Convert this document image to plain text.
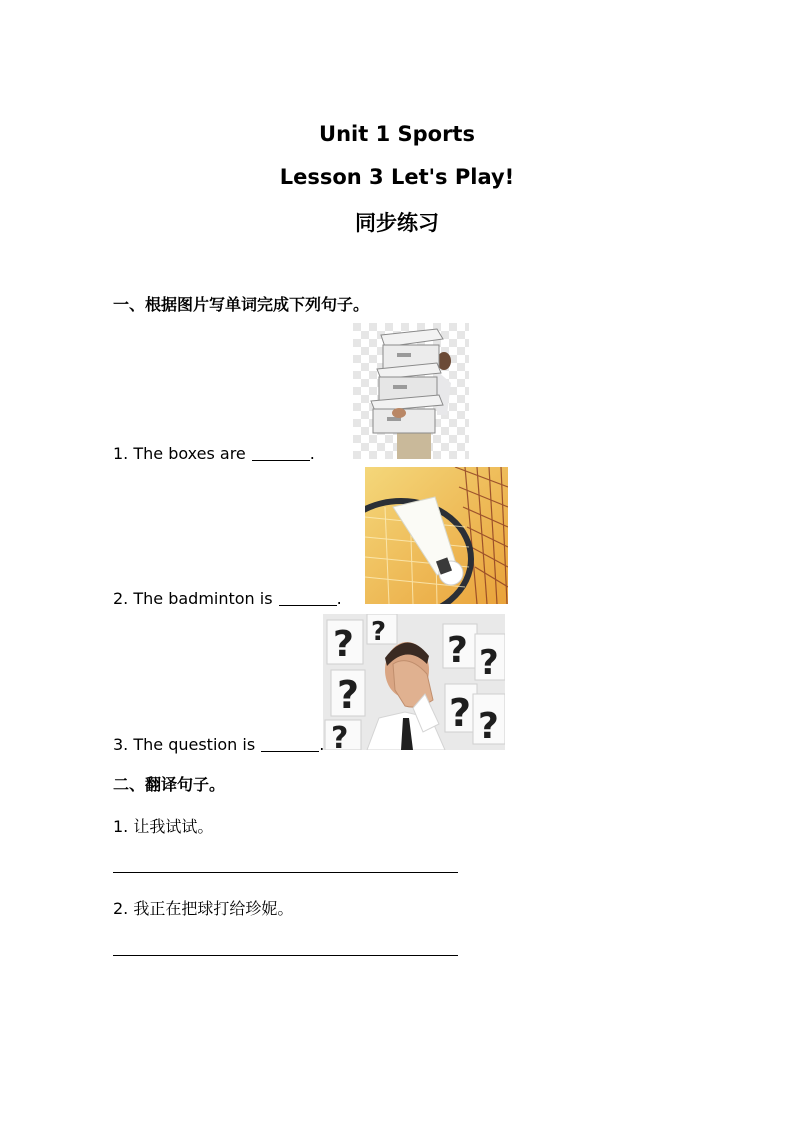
Unit 1 Sports
Lesson 3 Let's Play!
同步练习
一、根据图片写单词完成下列句子。
1. The boxes are	.
2. The badminton is	.
?
?
?
? ?
? ?
?
3. The question is	.
二、翻译句子。
1. 让我试试。
2. 我正在把球打给珍妮。
